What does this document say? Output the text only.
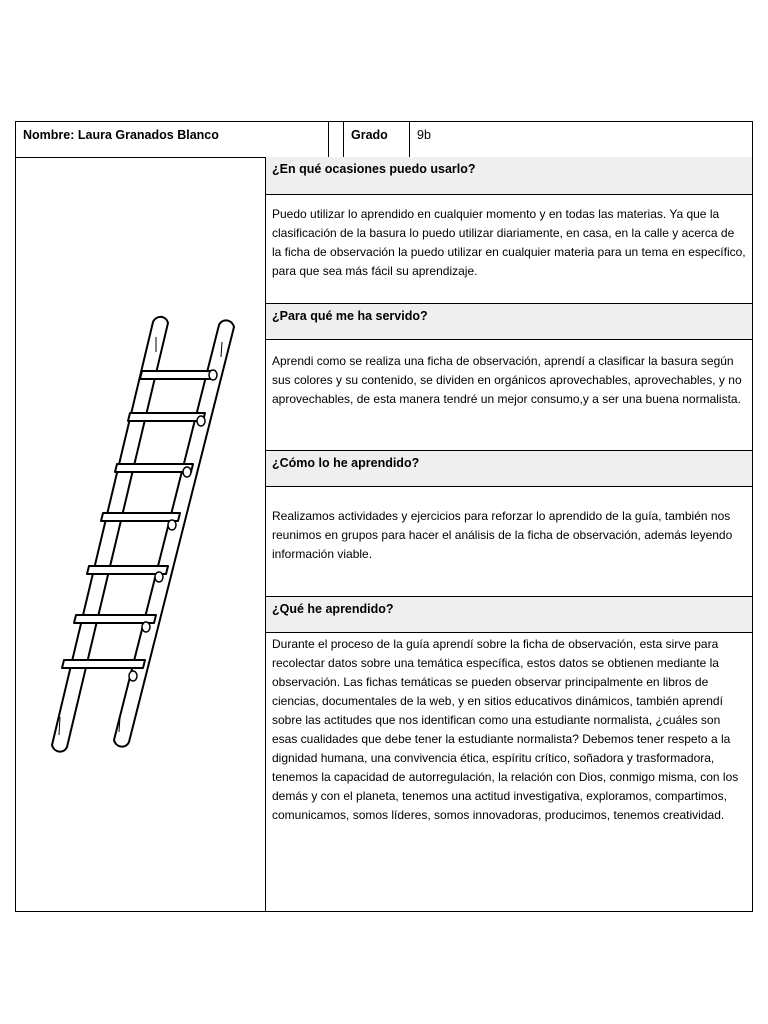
Nombre: Laura Granados Blanco	Grado	9b
¿En qué ocasiones puedo usarlo?
Puedo utilizar lo aprendido en cualquier momento y en todas las materias. Ya que la clasificación de la basura lo puedo utilizar diariamente, en casa, en la calle y acerca de la ficha de observación la puedo utilizar en cualquier materia para un tema en específico, para que sea más fácil su aprendizaje.
¿Para qué me ha servido?
Aprendi como se realiza una ficha de observación, aprendí a clasificar la basura según sus colores y su contenido, se dividen en orgánicos aprovechables, aprovechables, y no aprovechables, de esta manera tendré un mejor consumo,y a ser una buena normalista.
¿Cómo lo he aprendido?
Realizamos actividades y ejercicios para reforzar lo aprendido de la guía, también nos reunimos en grupos para hacer el análisis de la ficha de observación, además leyendo información viable.
¿Qué he aprendido?
Durante el proceso de la guía aprendí sobre la ficha de observación, esta sirve para recolectar datos sobre una temática específica, estos datos se obtienen mediante la observación. Las fichas temáticas se pueden observar principalmente en libros de ciencias, documentales de la web, y en sitios educativos dinámicos, también aprendí sobre las actitudes que nos identifican como una estudiante normalista, ¿cuáles son esas cualidades que debe tener la estudiante normalista? Debemos tener respeto a la dignidad humana, una convivencia ética, espíritu crítico, soñadora y trasformadora, tenemos la capacidad de autorregulación, la relación con Dios, conmigo misma, con los demás y con el planeta, tenemos una actitud investigativa, exploramos, compartimos, comunicamos, somos líderes, somos innovadoras, producimos, tenemos creatividad.
